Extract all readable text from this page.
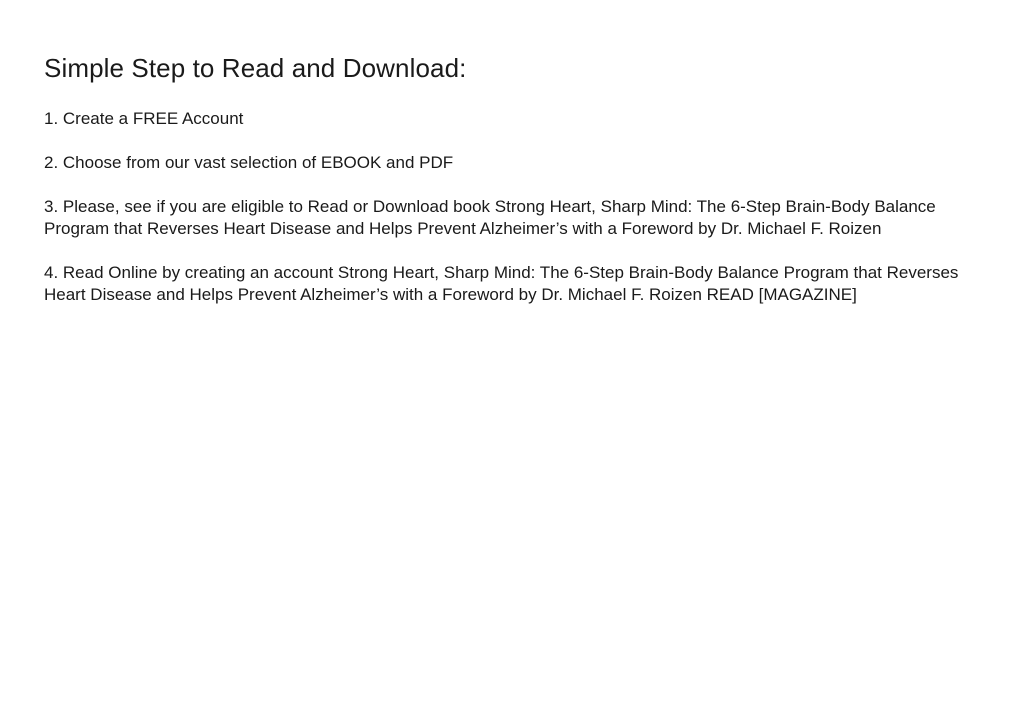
Simple Step to Read and Download:

1. Create a FREE Account

2. Choose from our vast selection of EBOOK and PDF

3. Please, see if you are eligible to Read or Download book Strong Heart, Sharp Mind: The 6-Step Brain-Body Balance Program that Reverses Heart Disease and Helps Prevent Alzheimer’s with a Foreword by Dr. Michael F. Roizen

4. Read Online by creating an account Strong Heart, Sharp Mind: The 6-Step Brain-Body Balance Program that Reverses Heart Disease and Helps Prevent Alzheimer’s with a Foreword by Dr. Michael F. Roizen READ [MAGAZINE]
